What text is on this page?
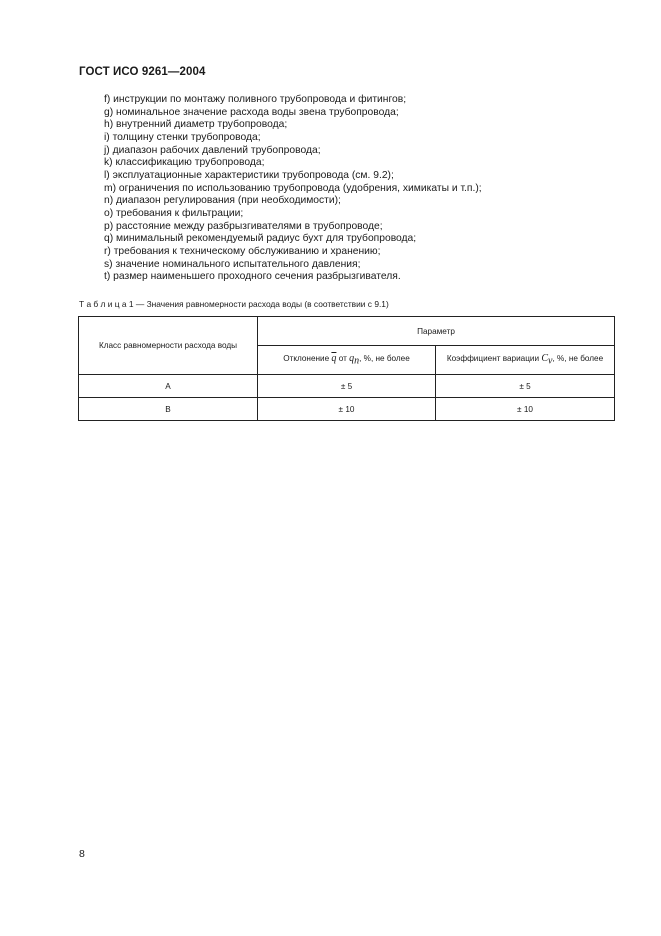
ГОСТ ИСО 9261—2004
f) инструкции по монтажу поливного трубопровода и фитингов;
g) номинальное значение расхода воды звена трубопровода;
h) внутренний диаметр трубопровода;
i) толщину стенки трубопровода;
j) диапазон рабочих давлений трубопровода;
k) классификацию трубопровода;
l) эксплуатационные характеристики трубопровода (см. 9.2);
m) ограничения по использованию трубопровода (удобрения, химикаты и т.п.);
n) диапазон регулирования (при необходимости);
o) требования к фильтрации;
p) расстояние между разбрызгивателями в трубопроводе;
q) минимальный рекомендуемый радиус бухт для трубопровода;
r) требования к техническому обслуживанию и хранению;
s) значение номинального испытательного давления;
t) размер наименьшего проходного сечения разбрызгивателя.
Т а б л и ц а 1 — Значения равномерности расхода воды (в соответствии с 9.1)
Класс равномерности расхода воды	Параметр	
	Отклонение $\overline{q}$ от $q_n$, %, не более	Коэффициент вариации $C_v$, %, не более
A	± 5	± 5
B	± 10	± 10
8
